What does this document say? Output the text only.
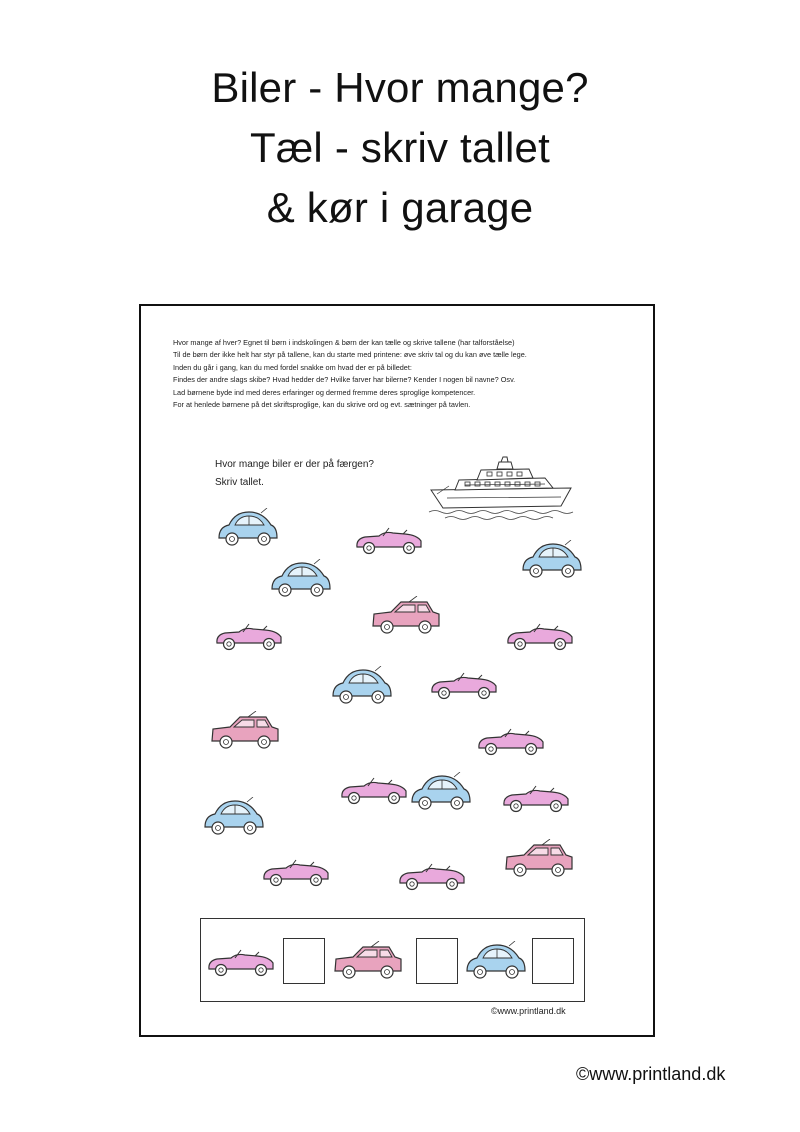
Biler - Hvor mange?
Tæl - skriv tallet
& kør i garage
Hvor mange af hver? Egnet til børn i indskolingen & børn der kan tælle og skrive tallene (har talforståelse)
Til de børn der ikke helt har styr på tallene, kan du starte med printene: øve skriv tal og du kan øve tælle lege.
Inden du går i gang, kan du med fordel snakke om hvad der er på billedet:
Findes der andre slags skibe? Hvad hedder de? Hvilke farver har bilerne? Kender I nogen bil navne? Osv.
Lad børnene byde ind med deres erfaringer og dermed fremme deres sproglige kompetencer.
For at henlede børnene på det skriftsproglige, kan du skrive ord og evt. sætninger på tavlen.
Hvor mange biler er der på færgen?
Skriv tallet.
©www.printland.dk
©www.printland.dk
